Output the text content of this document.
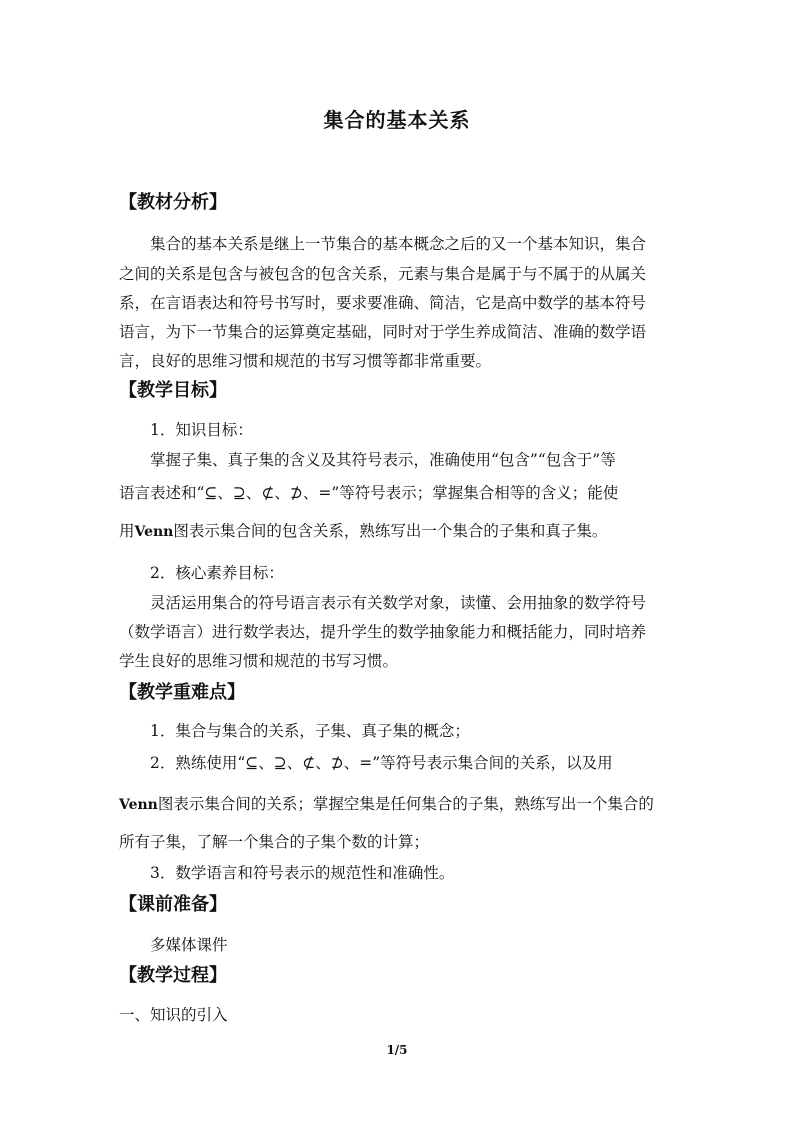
集合的基本关系
【教材分析】
集合的基本关系是继上一节集合的基本概念之后的又一个基本知识，集合
之间的关系是包含与被包含的包含关系，元素与集合是属于与不属于的从属关
系，在言语表达和符号书写时，要求要准确、简洁，它是高中数学的基本符号
语言，为下一节集合的运算奠定基础，同时对于学生养成简洁、准确的数学语
言，良好的思维习惯和规范的书写习惯等都非常重要。
【教学目标】
1．知识目标：
掌握子集、真子集的含义及其符号表示，准确使用“包含”“包含于”等
语言表述和“⊆、⊇、⊄、⊅、=”等符号表示；掌握集合相等的含义；能使
用Venn图表示集合间的包含关系，熟练写出一个集合的子集和真子集。
2．核心素养目标：
灵活运用集合的符号语言表示有关数学对象，读懂、会用抽象的数学符号
（数学语言）进行数学表达，提升学生的数学抽象能力和概括能力，同时培养
学生良好的思维习惯和规范的书写习惯。
【教学重难点】
1．集合与集合的关系，子集、真子集的概念；
2．熟练使用“⊆、⊇、⊄、⊅、=”等符号表示集合间的关系，以及用
Venn图表示集合间的关系；掌握空集是任何集合的子集，熟练写出一个集合的
所有子集，了解一个集合的子集个数的计算；
3．数学语言和符号表示的规范性和准确性。
【课前准备】
多媒体课件
【教学过程】
一、知识的引入
1/5
